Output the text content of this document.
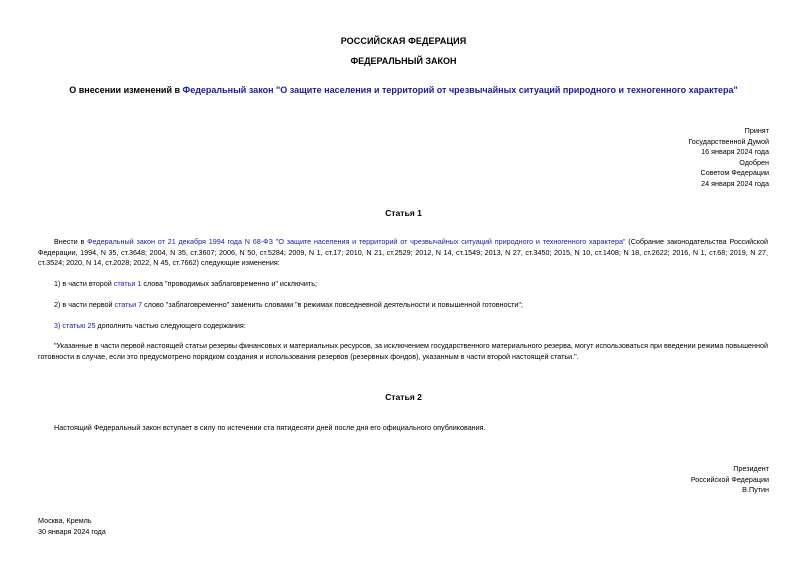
РОССИЙСКАЯ ФЕДЕРАЦИЯ
ФЕДЕРАЛЬНЫЙ ЗАКОН
О внесении изменений в Федеральный закон "О защите населения и территорий от чрезвычайных ситуаций природного и техногенного характера"
Принят
Государственной Думой
16 января 2024 года
Одобрен
Советом Федерации
24 января 2024 года
Статья 1
Внести в Федеральный закон от 21 декабря 1994 года N 68-ФЗ "О защите населения и территорий от чрезвычайных ситуаций природного и техногенного характера" (Собрание законодательства Российской Федерации, 1994, N 35, ст.3648; 2004, N 35, ст.3607; 2006, N 50, ст.5284; 2009, N 1, ст.17; 2010, N 21, ст.2529; 2012, N 14, ст.1549; 2013, N 27, ст.3450; 2015, N 10, ст.1408; N 18, ст.2622; 2016, N 1, ст.68; 2019, N 27, ст.3524; 2020, N 14, ст.2028; 2022, N 45, ст.7662) следующие изменения:
1) в части второй статьи 1 слова "проводимых заблаговременно и" исключить;
2) в части первой статьи 7 слово "заблаговременно" заменить словами "в режимах повседневной деятельности и повышенной готовности";
3) статью 25 дополнить частью следующего содержания:
"Указанные в части первой настоящей статьи резервы финансовых и материальных ресурсов, за исключением государственного материального резерва, могут использоваться при введении режима повышенной готовности в случае, если это предусмотрено порядком создания и использования резервов (резервных фондов), указанным в части второй настоящей статьи.".
Статья 2
Настоящий Федеральный закон вступает в силу по истечении ста пятидесяти дней после дня его официального опубликования.
Президент
Российской Федерации
В.Путин
Москва, Кремль
30 января 2024 года
